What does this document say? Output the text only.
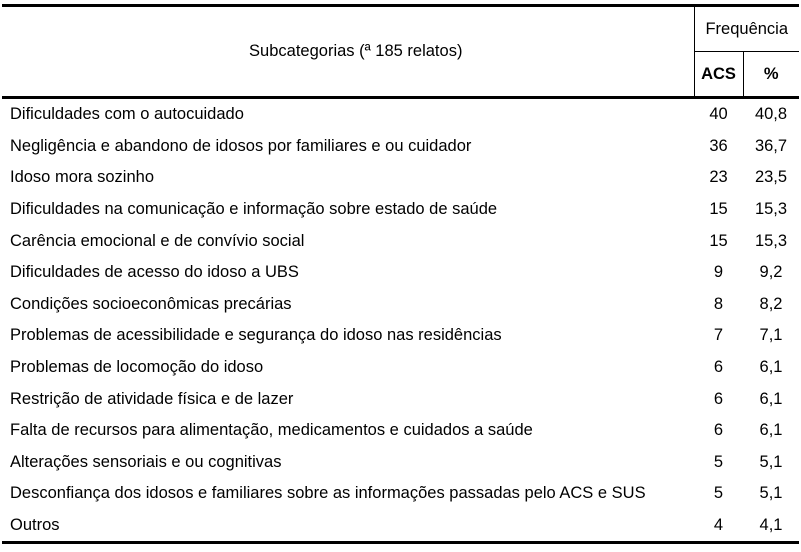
Subcategorias (ª 185 relatos)	Frequência	
	ACS	%
Dificuldades com o autocuidado	40	40,8
Negligência e abandono de idosos por familiares e ou cuidador	36	36,7
Idoso mora sozinho	23	23,5
Dificuldades na comunicação e informação sobre estado de saúde	15	15,3
Carência emocional e de convívio social	15	15,3
Dificuldades de acesso do idoso a UBS	9	9,2
Condições socioeconômicas precárias	8	8,2
Problemas de acessibilidade e segurança do idoso nas residências	7	7,1
Problemas de locomoção do idoso	6	6,1
Restrição de atividade física e de lazer	6	6,1
Falta de recursos para alimentação, medicamentos e cuidados a saúde	6	6,1
Alterações sensoriais e ou cognitivas	5	5,1
Desconfiança dos idosos e familiares sobre as informações passadas pelo ACS e SUS	5	5,1
Outros	4	4,1
